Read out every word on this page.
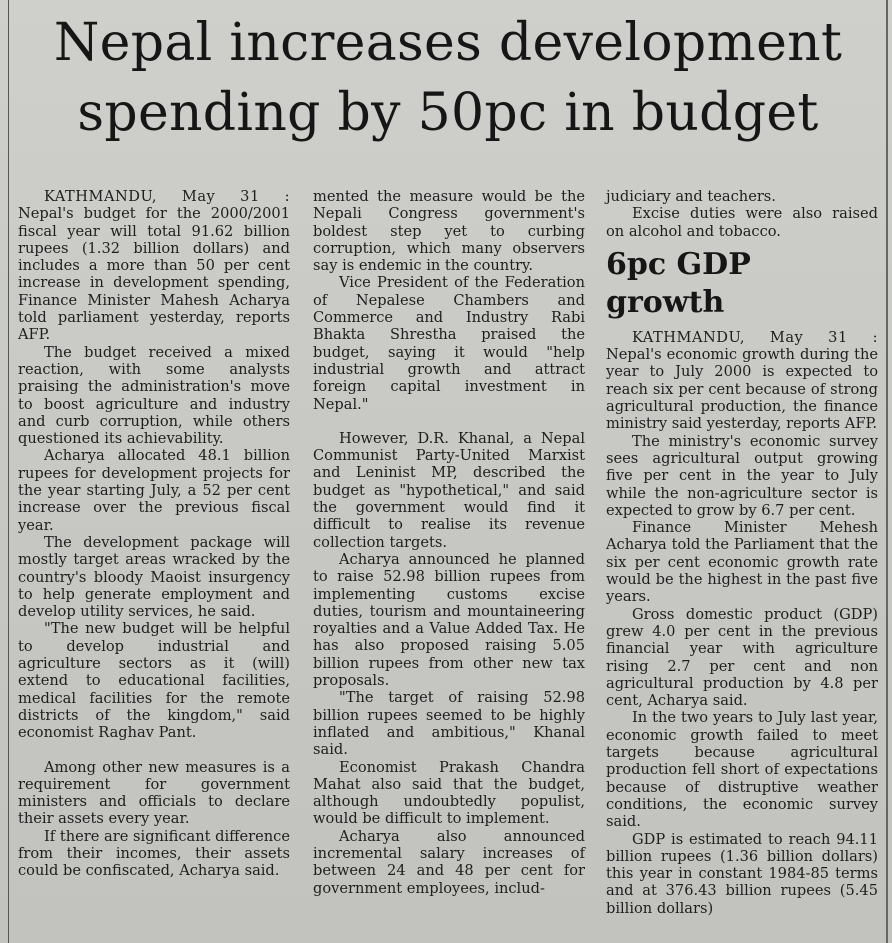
Nepal increases development spending by 50pc in budget

KATHMANDU, May 31 : Nepal's budget for the 2000/2001 fiscal year will total 91.62 billion rupees (1.32 billion dollars) and includes a more than 50 per cent increase in development spending, Finance Minister Mahesh Acharya told parliament yesterday, reports AFP.

The budget received a mixed reaction, with some analysts praising the administration's move to boost agriculture and industry and curb corruption, while others questioned its achievability.

Acharya allocated 48.1 billion rupees for development projects for the year starting July, a 52 per cent increase over the previous fiscal year.

The development package will mostly target areas wracked by the country's bloody Maoist insurgency to help generate employment and develop utility services, he said.

"The new budget will be helpful to develop industrial and agriculture sectors as it (will) extend to educational facilities, medical facilities for the remote districts of the kingdom," said economist Raghav Pant.

Among other new measures is a requirement for government ministers and officials to declare their assets every year.

If there are significant difference from their incomes, their assets could be confiscated, Acharya said.

mented the measure would be the Nepali Congress government's boldest step yet to curbing corruption, which many observers say is endemic in the country.

Vice President of the Federation of Nepalese Chambers and Commerce and Industry Rabi Bhakta Shrestha praised the budget, saying it would "help industrial growth and attract foreign capital investment in Nepal."

However, D.R. Khanal, a Nepal Communist Party-United Marxist and Leninist MP, described the budget as "hypothetical," and said the government would find it difficult to realise its revenue collection targets.

Acharya announced he planned to raise 52.98 billion rupees from implementing customs excise duties, tourism and mountaineering royalties and a Value Added Tax. He has also proposed raising 5.05 billion rupees from other new tax proposals.

"The target of raising 52.98 billion rupees seemed to be highly inflated and ambitious," Khanal said.

Economist Prakash Chandra Mahat also said that the budget, although undoubtedly populist, would be difficult to implement.

Acharya also announced incremental salary increases of between 24 and 48 per cent for government employees, includ-

judiciary and teachers.

Excise duties were also raised on alcohol and tobacco.

6pc GDP growth

KATHMANDU, May 31 : Nepal's economic growth during the year to July 2000 is expected to reach six per cent because of strong agricultural production, the finance ministry said yesterday, reports AFP.

The ministry's economic survey sees agricultural output growing five per cent in the year to July while the non-agriculture sector is expected to grow by 6.7 per cent.

Finance Minister Mehesh Acharya told the Parliament that the six per cent economic growth rate would be the highest in the past five years.

Gross domestic product (GDP) grew 4.0 per cent in the previous financial year with agriculture rising 2.7 per cent and non agricultural production by 4.8 per cent, Acharya said.

In the two years to July last year, economic growth failed to meet targets because agricultural production fell short of expectations because of distruptive weather conditions, the economic survey said.

GDP is estimated to reach 94.11 billion rupees (1.36 billion dollars) this year in constant 1984-85 terms and at 376.43 billion rupees (5.45 billion dollars)
